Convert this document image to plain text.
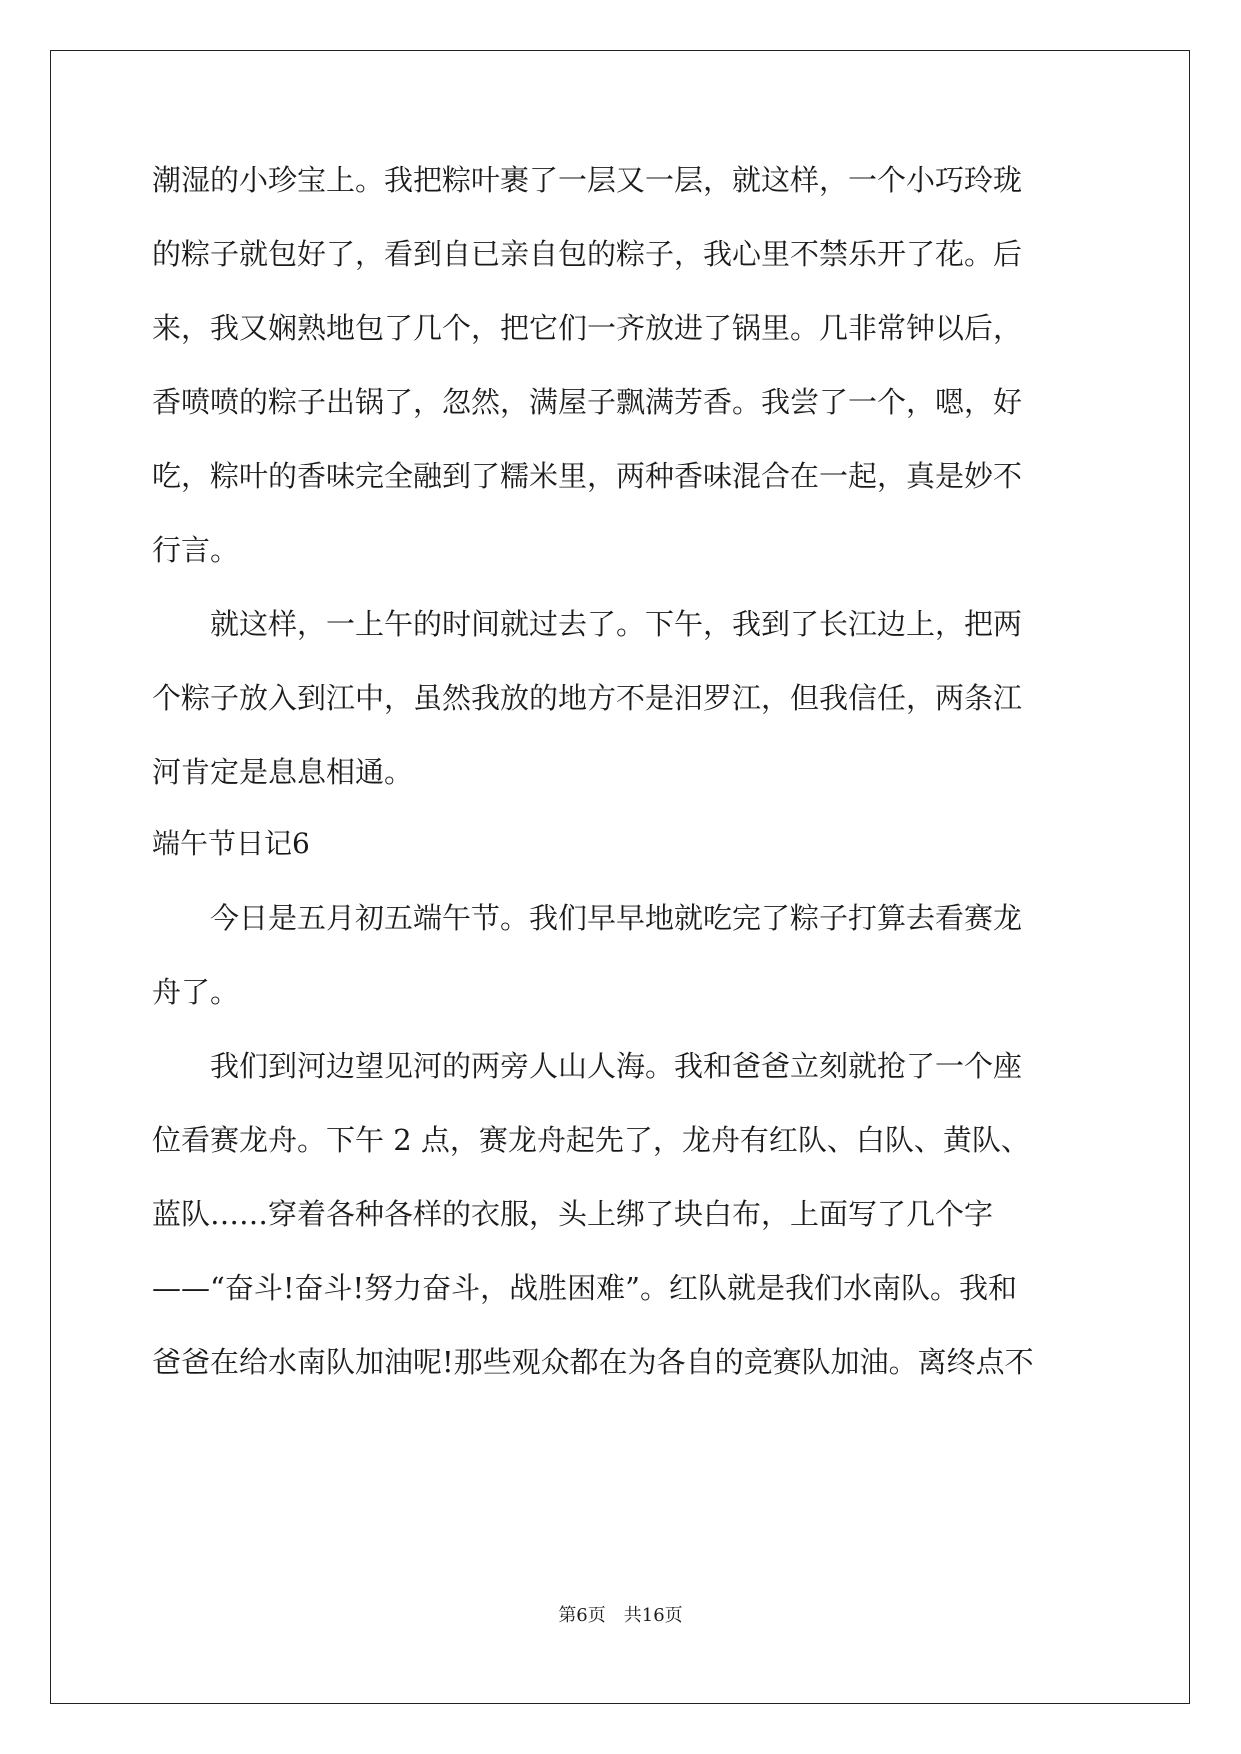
潮湿的小珍宝上。我把粽叶裹了一层又一层，就这样，一个小巧玲珑
的粽子就包好了，看到自已亲自包的粽子，我心里不禁乐开了花。后
来，我又娴熟地包了几个，把它们一齐放进了锅里。几非常钟以后，
香喷喷的粽子出锅了，忽然，满屋子飘满芳香。我尝了一个，嗯，好
吃，粽叶的香味完全融到了糯米里，两种香味混合在一起，真是妙不
行言。
　　就这样，一上午的时间就过去了。下午，我到了长江边上，把两
个粽子放入到江中，虽然我放的地方不是汨罗江，但我信任，两条江
河肯定是息息相通。
端午节日记6
　　今日是五月初五端午节。我们早早地就吃完了粽子打算去看赛龙
舟了。
　　我们到河边望见河的两旁人山人海。我和爸爸立刻就抢了一个座
位看赛龙舟。下午 2 点，赛龙舟起先了，龙舟有红队、白队、黄队、
蓝队……穿着各种各样的衣服，头上绑了块白布，上面写了几个字
——“奋斗!奋斗!努力奋斗，战胜困难”。红队就是我们水南队。我和
爸爸在给水南队加油呢!那些观众都在为各自的竞赛队加油。离终点不
第6页　 共16页
